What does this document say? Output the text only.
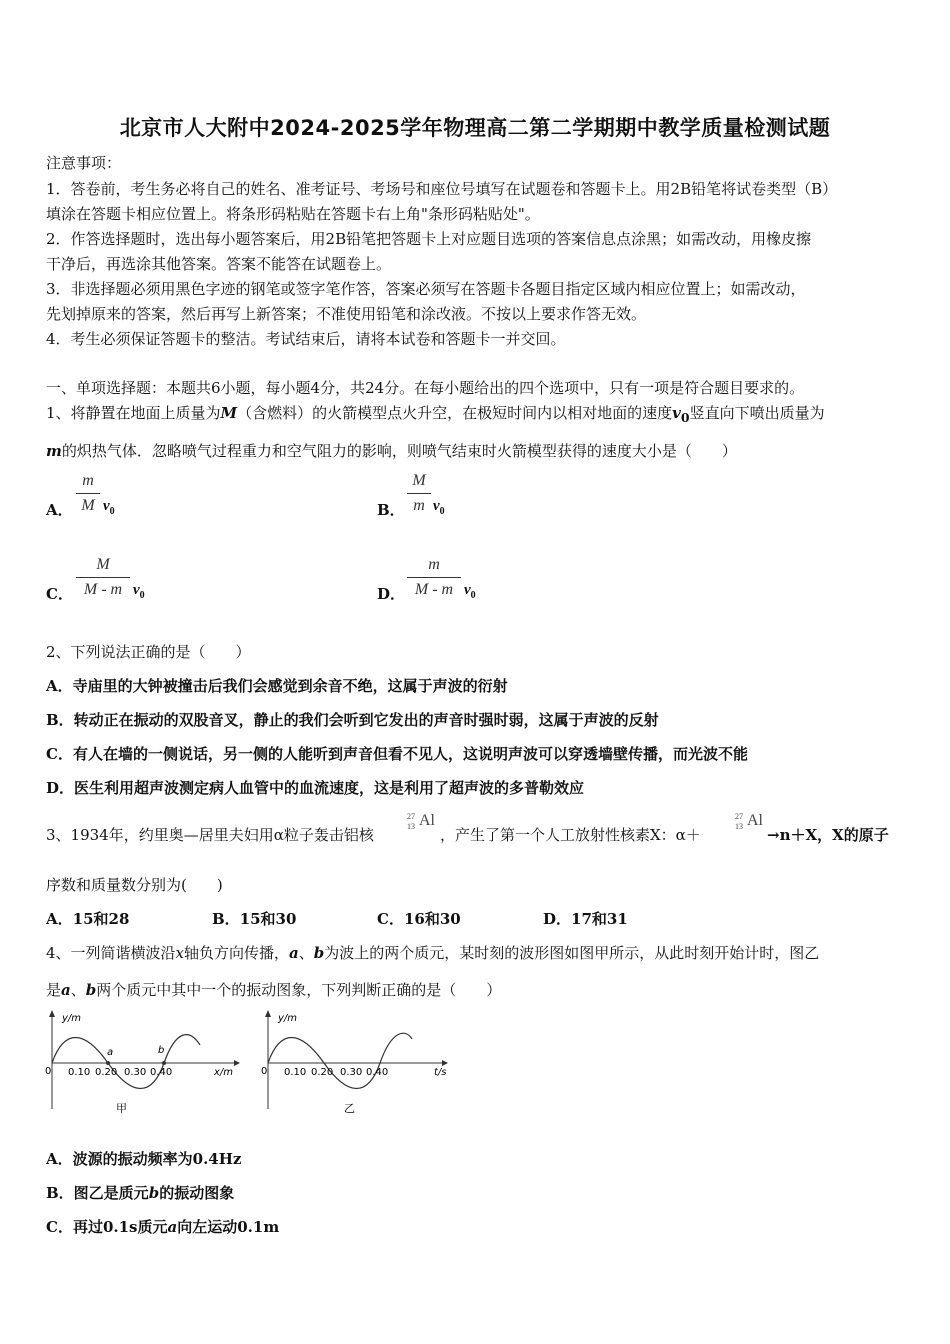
北京市人大附中2024-2025学年物理高二第二学期期中教学质量检测试题
注意事项：
1．答卷前，考生务必将自己的姓名、准考证号、考场号和座位号填写在试题卷和答题卡上。用2B铅笔将试卷类型（B）
填涂在答题卡相应位置上。将条形码粘贴在答题卡右上角"条形码粘贴处"。
2．作答选择题时，选出每小题答案后，用2B铅笔把答题卡上对应题目选项的答案信息点涂黑；如需改动，用橡皮擦
干净后，再选涂其他答案。答案不能答在试题卷上。
3．非选择题必须用黑色字迹的钢笔或签字笔作答，答案必须写在答题卡各题目指定区域内相应位置上；如需改动，
先划掉原来的答案，然后再写上新答案；不准使用铅笔和涂改液。不按以上要求作答无效。
4．考生必须保证答题卡的整洁。考试结束后，请将本试卷和答题卡一并交回。
一、单项选择题：本题共6小题，每小题4分，共24分。在每小题给出的四个选项中，只有一项是符合题目要求的。
1、将静置在地面上质量为M（含燃料）的火箭模型点火升空，在极短时间内以相对地面的速度$v_0$竖直向下喷出质量为
m的炽热气体．忽略喷气过程重力和空气阻力的影响，则喷气结束时火箭模型获得的速度大小是（　　）
A．
m
M $v_0$	B．
M
m $v_0$
C．
M
M - m $v_0$	D．
m
M - m $v_0$
2、下列说法正确的是（　　）
A．寺庙里的大钟被撞击后我们会感觉到余音不绝，这属于声波的衍射
B．转动正在振动的双股音叉，静止的我们会听到它发出的声音时强时弱，这属于声波的反射
C．有人在墙的一侧说话，另一侧的人能听到声音但看不见人，这说明声波可以穿透墙壁传播，而光波不能
D．医生利用超声波测定病人血管中的血流速度，这是利用了超声波的多普勒效应
3、1934年，约里奥—居里夫妇用α粒子轰击铝核
27
13 Al
，产生了第一个人工放射性核素X：α＋
27
13 Al
→n＋X，X的原子
序数和质量数分别为(　　)
A．15和28	B．15和30	C．16和30	D．17和31
4、一列简谐横波沿x轴负方向传播，a、b为波上的两个质元，某时刻的波形图如图甲所示，从此时刻开始计时，图乙
是a、b两个质元中其中一个的振动图象，下列判断正确的是（　　）
y/m
x/m
0 0.10 0.20 0.30 0.40
a	b
甲
y/m
t/s
0 0.10 0.20 0.30 0.40
乙
A．波源的振动频率为0.4Hz
B．图乙是质元b的振动图象
C．再过0.1s质元a向左运动0.1m
